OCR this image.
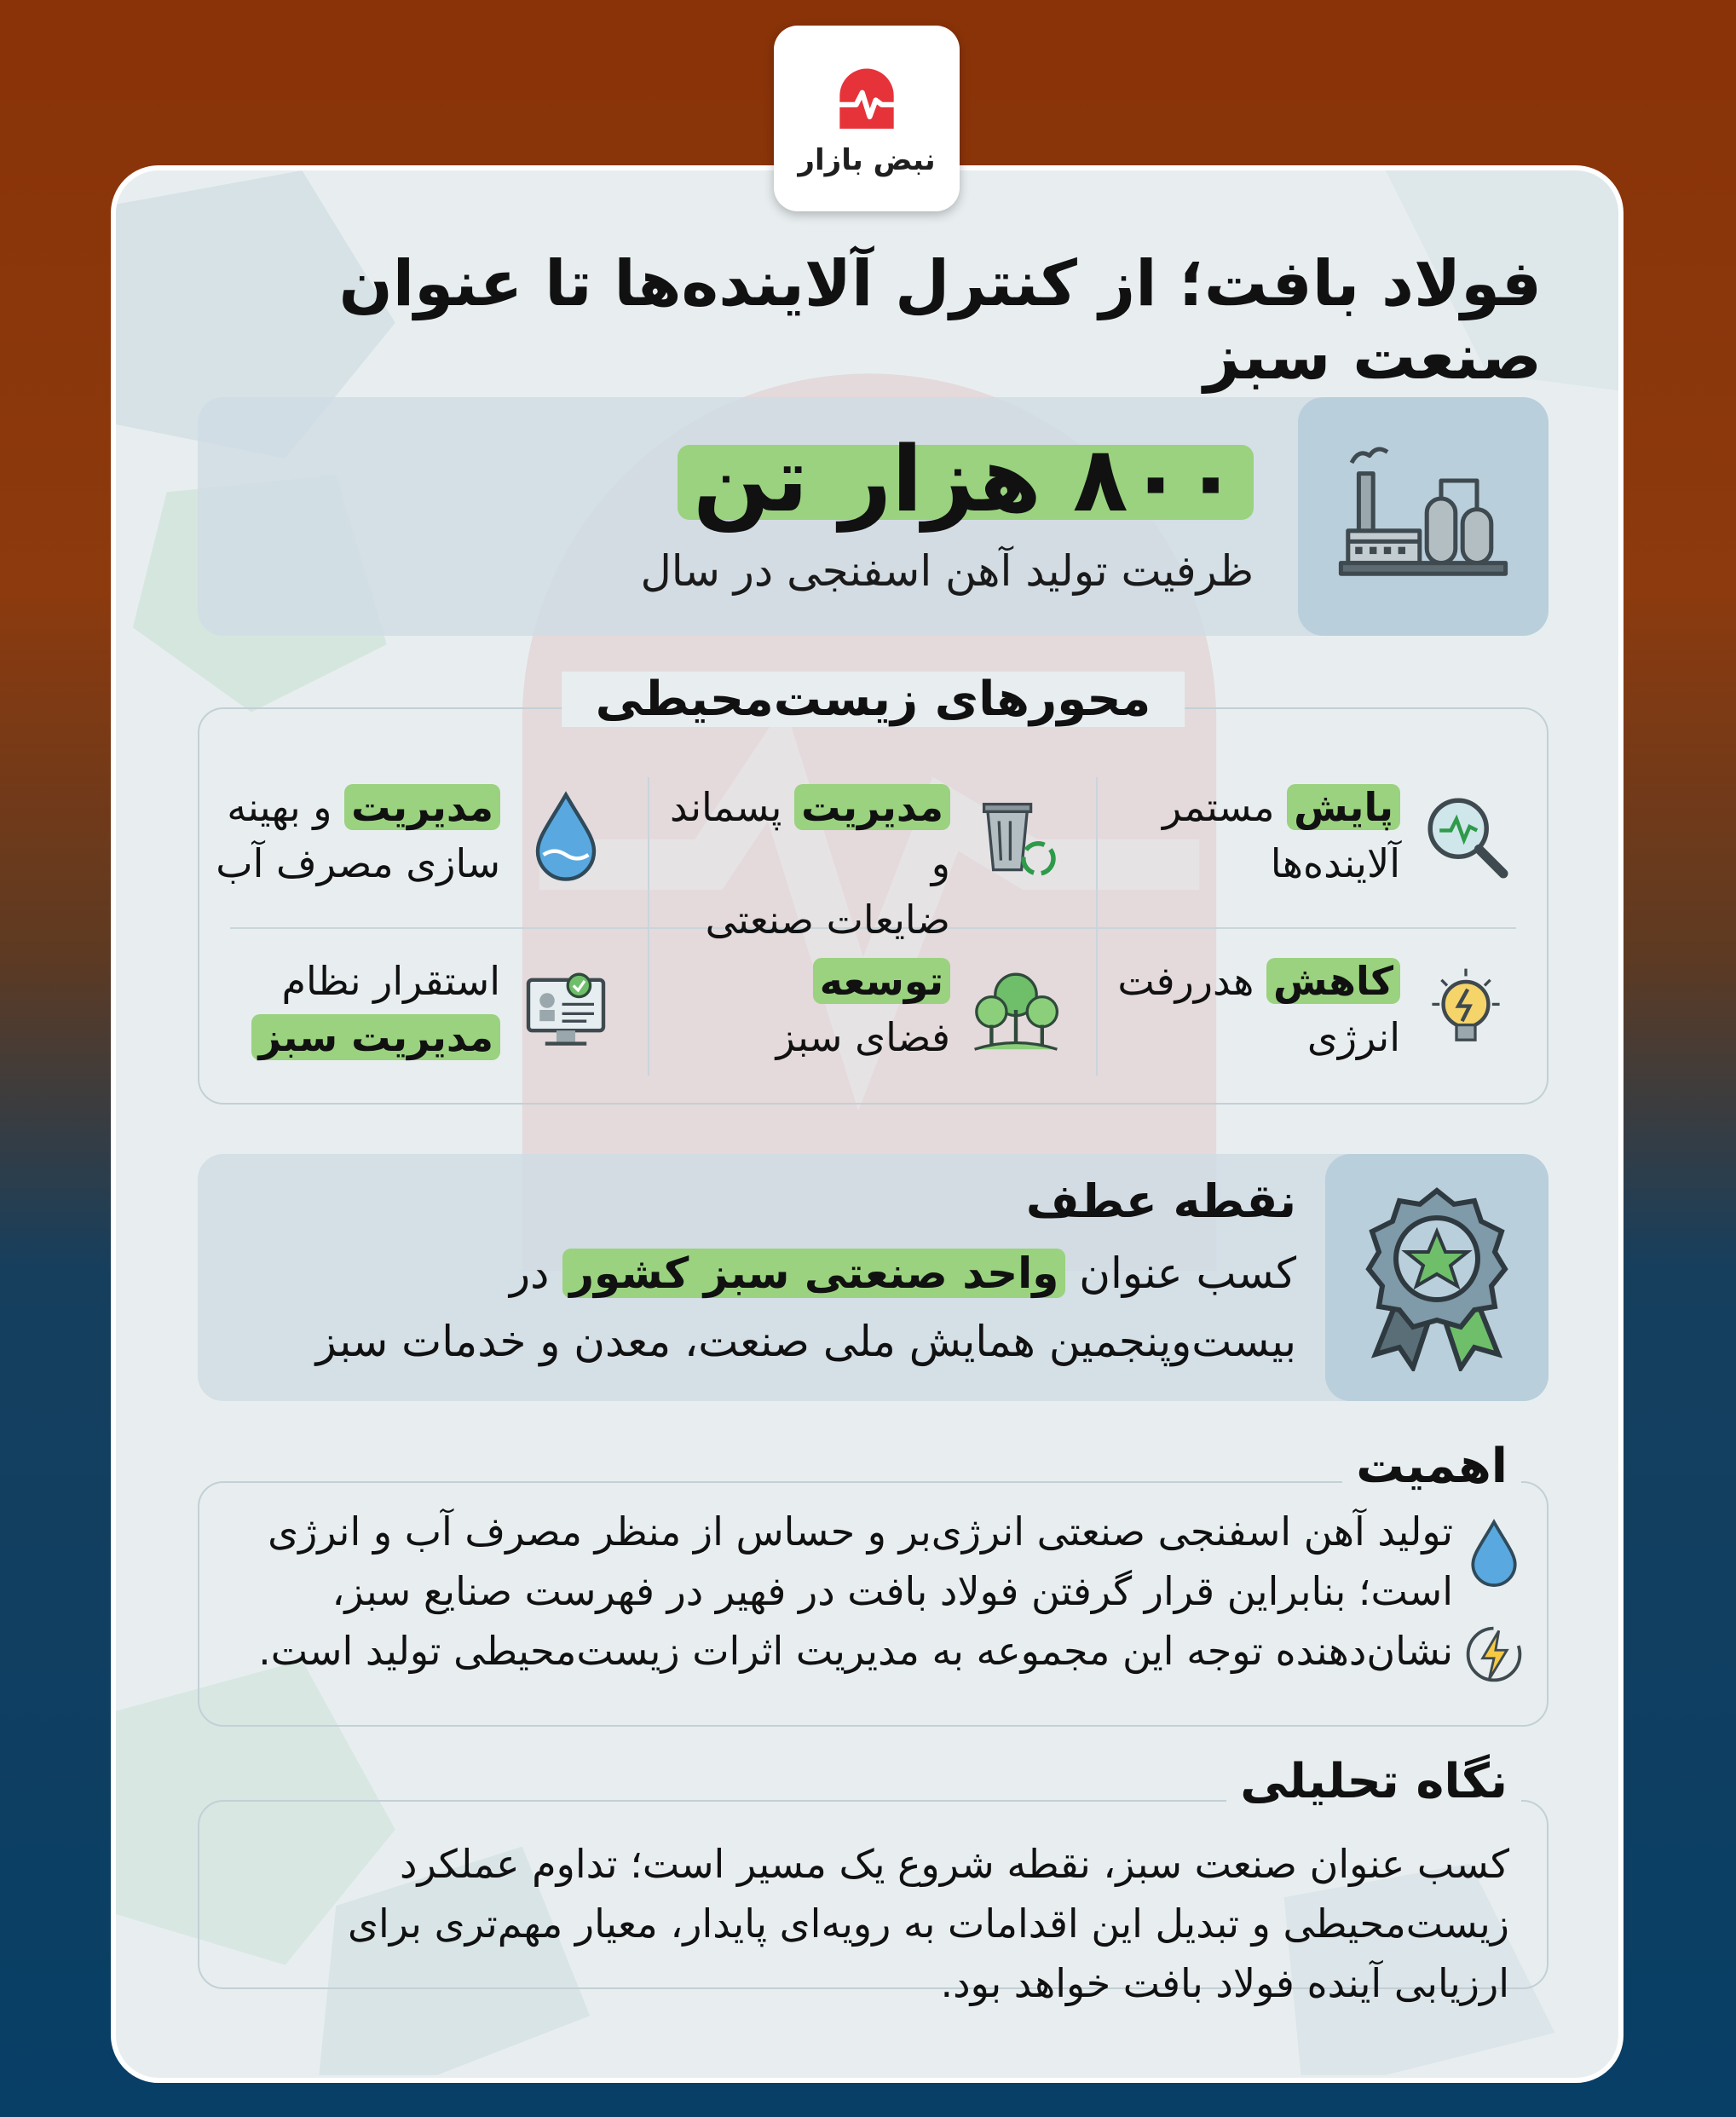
نبض بازار
فولاد بافت؛ از کنترل آلاینده‌ها تا عنوان صنعت سبز
۸۰۰ هزار تن
ظرفیت تولید آهن اسفنجی در سال
محورهای زیست‌محیطی
پایش مستمر
آلاینده‌ها
مدیریت پسماند و
ضایعات صنعتی
مدیریت و بهینه
سازی مصرف آب
کاهش هدررفت
انرژی
توسعه
فضای سبز
استقرار نظام
مدیریت سبز
نقطه عطف
کسب عنوان واحد صنعتی سبز کشور در بیست‌وپنجمین همایش ملی صنعت، معدن و خدمات سبز
اهمیت
تولید آهن اسفنجی صنعتی انرژی‌بر و حساس از منظر مصرف آب و انرژی است؛ بنابراین قرار گرفتن فولاد بافت در فهیر در فهرست صنایع سبز، نشان‌دهنده توجه این مجموعه به مدیریت اثرات زیست‌محیطی تولید است.
نگاه تحلیلی
کسب عنوان صنعت سبز، نقطه شروع یک مسیر است؛ تداوم عملکرد زیست‌محیطی و تبدیل این اقدامات به رویه‌ای پایدار، معیار مهم‌تری برای ارزیابی آینده فولاد بافت خواهد بود.
